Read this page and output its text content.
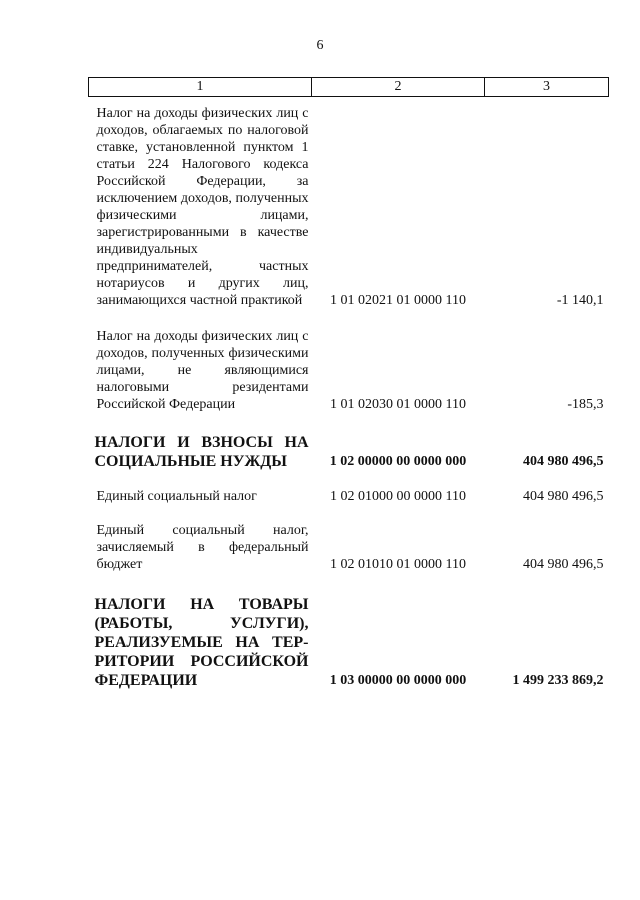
6
1	2	3
Налог на доходы физических лиц с доходов, облагаемых по налоговой ставке, установленной пунктом 1 статьи 224 Налогового кодекса Российской Федерации, за исключением доходов, полученных физическими лицами, зарегистрированными в качестве индивидуальных предпринимателей, частных нотариусов и других лиц, занимающихся частной практикой	1 01 02021 01 0000 110	-1 140,1
Налог на доходы физических лиц с доходов, полученных физическими лицами, не являющимися налоговыми резидентами Российской Федерации	1 01 02030 01 0000 110	-185,3
НАЛОГИ И ВЗНОСЫ НА СОЦИАЛЬНЫЕ НУЖДЫ	1 02 00000 00 0000 000	404 980 496,5
Единый социальный налог	1 02 01000 00 0000 110	404 980 496,5
Единый социальный налог, зачисляемый в федеральный бюджет	1 02 01010 01 0000 110	404 980 496,5
НАЛОГИ НА ТОВАРЫ (РАБОТЫ, УСЛУГИ), РЕАЛИЗУЕМЫЕ НА ТЕР-РИТОРИИ РОССИЙСКОЙ ФЕДЕРАЦИИ	1 03 00000 00 0000 000	1 499 233 869,2
